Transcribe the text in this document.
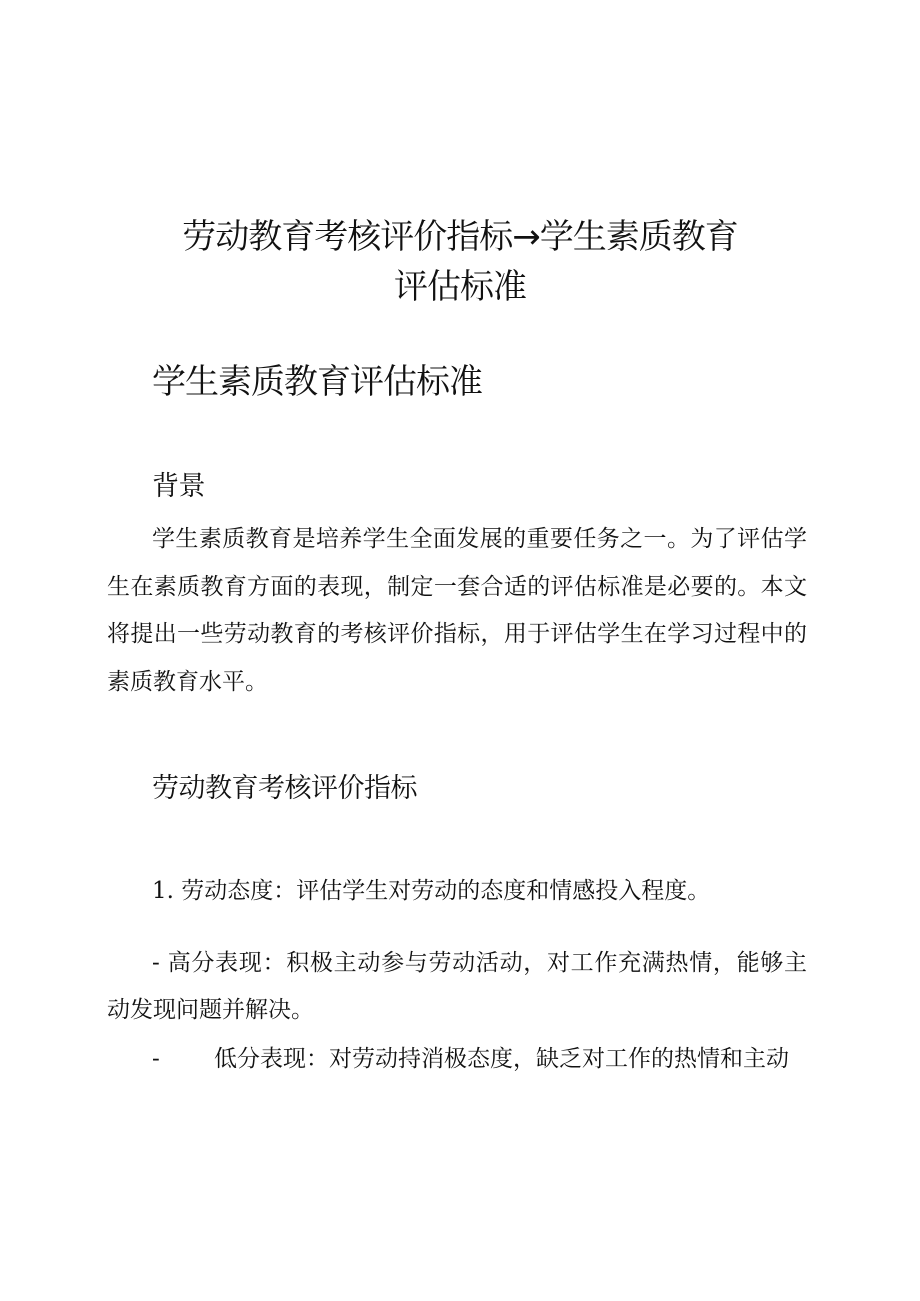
劳动教育考核评价指标→学生素质教育
评估标准
学生素质教育评估标准
背景

学生素质教育是培养学生全面发展的重要任务之一。为了评估学生在素质教育方面的表现，制定一套合适的评估标准是必要的。本文将提出一些劳动教育的考核评价指标，用于评估学生在学习过程中的素质教育水平。

劳动教育考核评价指标

1. 劳动态度：评估学生对劳动的态度和情感投入程度。

- 高分表现：积极主动参与劳动活动，对工作充满热情，能够主动发现问题并解决。

- 低分表现：对劳动持消极态度，缺乏对工作的热情和主动
